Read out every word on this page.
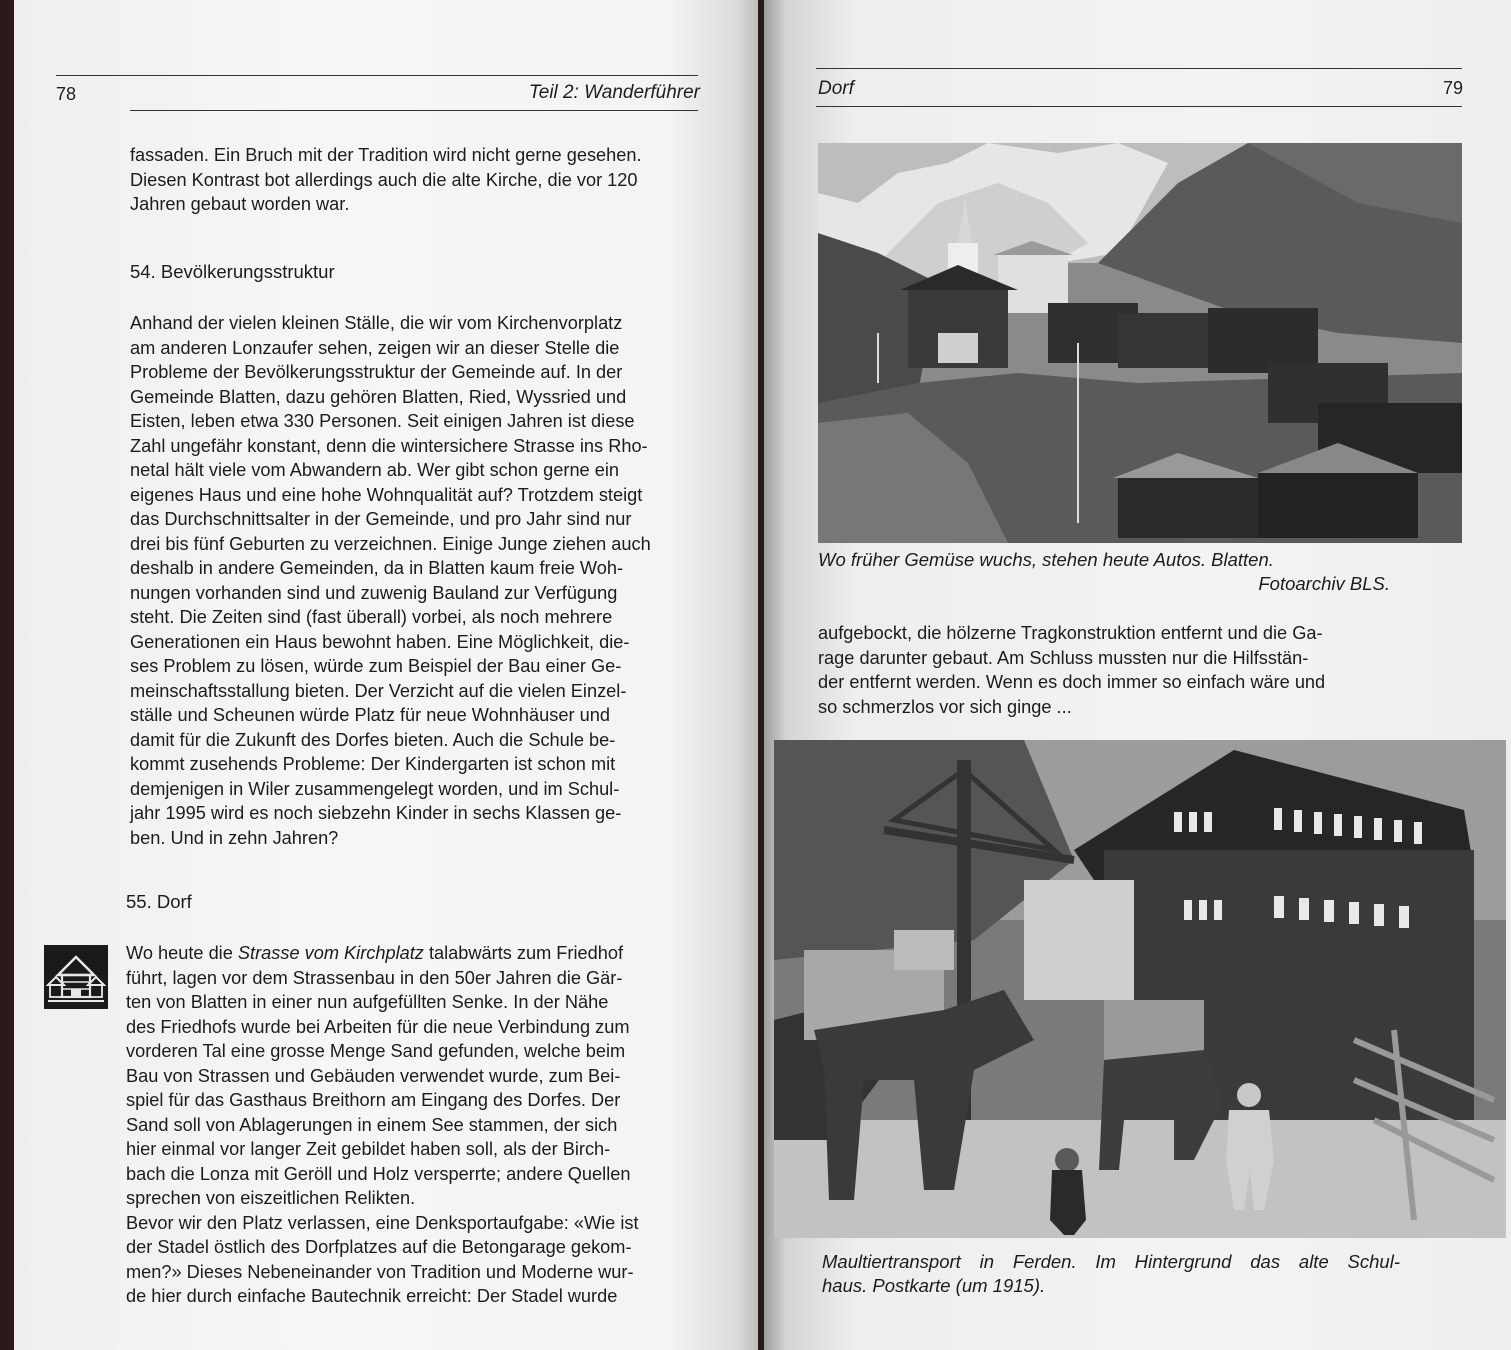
78	Teil 2: Wanderführer

fassaden. Ein Bruch mit der Tradition wird nicht gerne gesehen.

Diesen Kontrast bot allerdings auch die alte Kirche, die vor 120

Jahren gebaut worden war.

54. Bevölkerungsstruktur

Anhand der vielen kleinen Ställe, die wir vom Kirchenvorplatz

am anderen Lonzaufer sehen, zeigen wir an dieser Stelle die

Probleme der Bevölkerungsstruktur der Gemeinde auf. In der

Gemeinde Blatten, dazu gehören Blatten, Ried, Wyssried und

Eisten, leben etwa 330 Personen. Seit einigen Jahren ist diese

Zahl ungefähr konstant, denn die wintersichere Strasse ins Rho-

netal hält viele vom Abwandern ab. Wer gibt schon gerne ein

eigenes Haus und eine hohe Wohnqualität auf? Trotzdem steigt

das Durchschnittsalter in der Gemeinde, und pro Jahr sind nur

drei bis fünf Geburten zu verzeichnen. Einige Junge ziehen auch

deshalb in andere Gemeinden, da in Blatten kaum freie Woh-

nungen vorhanden sind und zuwenig Bauland zur Verfügung

steht. Die Zeiten sind (fast überall) vorbei, als noch mehrere

Generationen ein Haus bewohnt haben. Eine Möglichkeit, die-

ses Problem zu lösen, würde zum Beispiel der Bau einer Ge-

meinschaftsstallung bieten. Der Verzicht auf die vielen Einzel-

ställe und Scheunen würde Platz für neue Wohnhäuser und

damit für die Zukunft des Dorfes bieten. Auch die Schule be-

kommt zusehends Probleme: Der Kindergarten ist schon mit

demjenigen in Wiler zusammengelegt worden, und im Schul-

jahr 1995 wird es noch siebzehn Kinder in sechs Klassen ge-

ben. Und in zehn Jahren?

55. Dorf

Wo heute die Strasse vom Kirchplatz talabwärts zum Friedhof

führt, lagen vor dem Strassenbau in den 50er Jahren die Gär-

ten von Blatten in einer nun aufgefüllten Senke. In der Nähe

des Friedhofs wurde bei Arbeiten für die neue Verbindung zum

vorderen Tal eine grosse Menge Sand gefunden, welche beim

Bau von Strassen und Gebäuden verwendet wurde, zum Bei-

spiel für das Gasthaus Breithorn am Eingang des Dorfes. Der

Sand soll von Ablagerungen in einem See stammen, der sich

hier einmal vor langer Zeit gebildet haben soll, als der Birch-

bach die Lonza mit Geröll und Holz versperrte; andere Quellen

sprechen von eiszeitlichen Relikten.

Bevor wir den Platz verlassen, eine Denksportaufgabe: «Wie ist

der Stadel östlich des Dorfplatzes auf die Betongarage gekom-

men?» Dieses Nebeneinander von Tradition und Moderne wur-

de hier durch einfache Bautechnik erreicht: Der Stadel wurde

Dorf	79
Wo früher Gemüse wuchs, stehen heute Autos. Blatten.
Fotoarchiv BLS.

aufgebockt, die hölzerne Tragkonstruktion entfernt und die Ga-

rage darunter gebaut. Am Schluss mussten nur die Hilfsstän-

der entfernt werden. Wenn es doch immer so einfach wäre und

so schmerzlos vor sich ginge ...

Maultiertransport in Ferden. Im Hintergrund das alte Schul-
haus. Postkarte (um 1915).
